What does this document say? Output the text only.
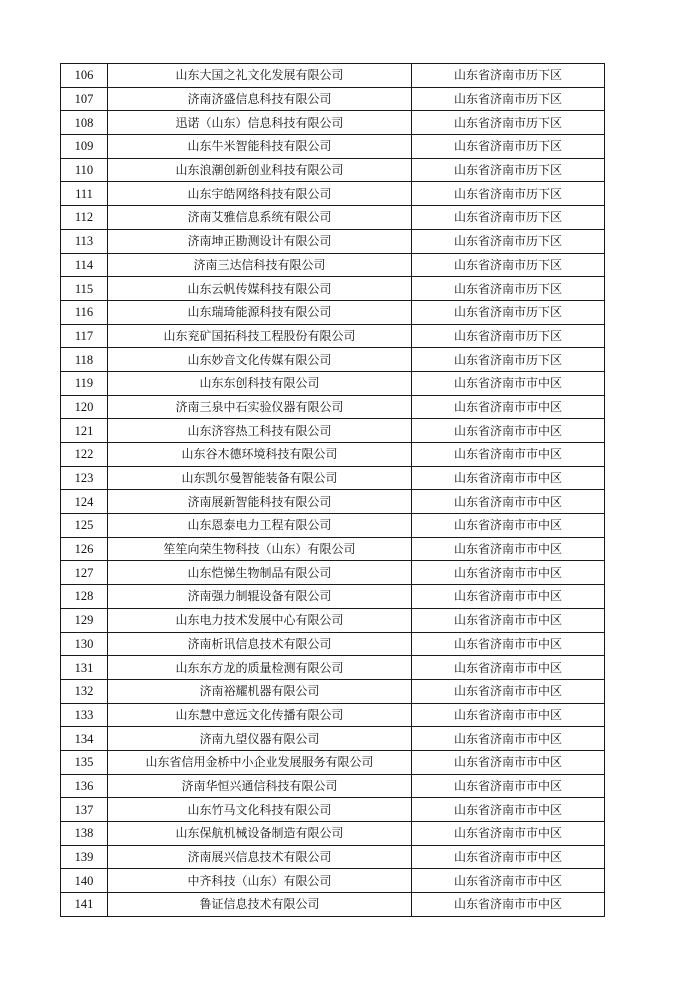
106	山东大国之礼文化发展有限公司	山东省济南市历下区
107	济南济盛信息科技有限公司	山东省济南市历下区
108	迅诺（山东）信息科技有限公司	山东省济南市历下区
109	山东牛米智能科技有限公司	山东省济南市历下区
110	山东浪潮创新创业科技有限公司	山东省济南市历下区
111	山东宇皓网络科技有限公司	山东省济南市历下区
112	济南艾雅信息系统有限公司	山东省济南市历下区
113	济南坤正勘测设计有限公司	山东省济南市历下区
114	济南三达信科技有限公司	山东省济南市历下区
115	山东云帆传媒科技有限公司	山东省济南市历下区
116	山东瑞琦能源科技有限公司	山东省济南市历下区
117	山东兖矿国拓科技工程股份有限公司	山东省济南市历下区
118	山东妙音文化传媒有限公司	山东省济南市历下区
119	山东东创科技有限公司	山东省济南市市中区
120	济南三泉中石实验仪器有限公司	山东省济南市市中区
121	山东济容热工科技有限公司	山东省济南市市中区
122	山东谷木德环境科技有限公司	山东省济南市市中区
123	山东凯尔曼智能装备有限公司	山东省济南市市中区
124	济南展新智能科技有限公司	山东省济南市市中区
125	山东恩泰电力工程有限公司	山东省济南市市中区
126	笙笙向荣生物科技（山东）有限公司	山东省济南市市中区
127	山东恺悌生物制品有限公司	山东省济南市市中区
128	济南强力制辊设备有限公司	山东省济南市市中区
129	山东电力技术发展中心有限公司	山东省济南市市中区
130	济南析讯信息技术有限公司	山东省济南市市中区
131	山东东方龙的质量检测有限公司	山东省济南市市中区
132	济南裕耀机器有限公司	山东省济南市市中区
133	山东慧中意远文化传播有限公司	山东省济南市市中区
134	济南九望仪器有限公司	山东省济南市市中区
135	山东省信用金桥中小企业发展服务有限公司	山东省济南市市中区
136	济南华恒兴通信科技有限公司	山东省济南市市中区
137	山东竹马文化科技有限公司	山东省济南市市中区
138	山东保航机械设备制造有限公司	山东省济南市市中区
139	济南展兴信息技术有限公司	山东省济南市市中区
140	中齐科技（山东）有限公司	山东省济南市市中区
141	鲁证信息技术有限公司	山东省济南市市中区
